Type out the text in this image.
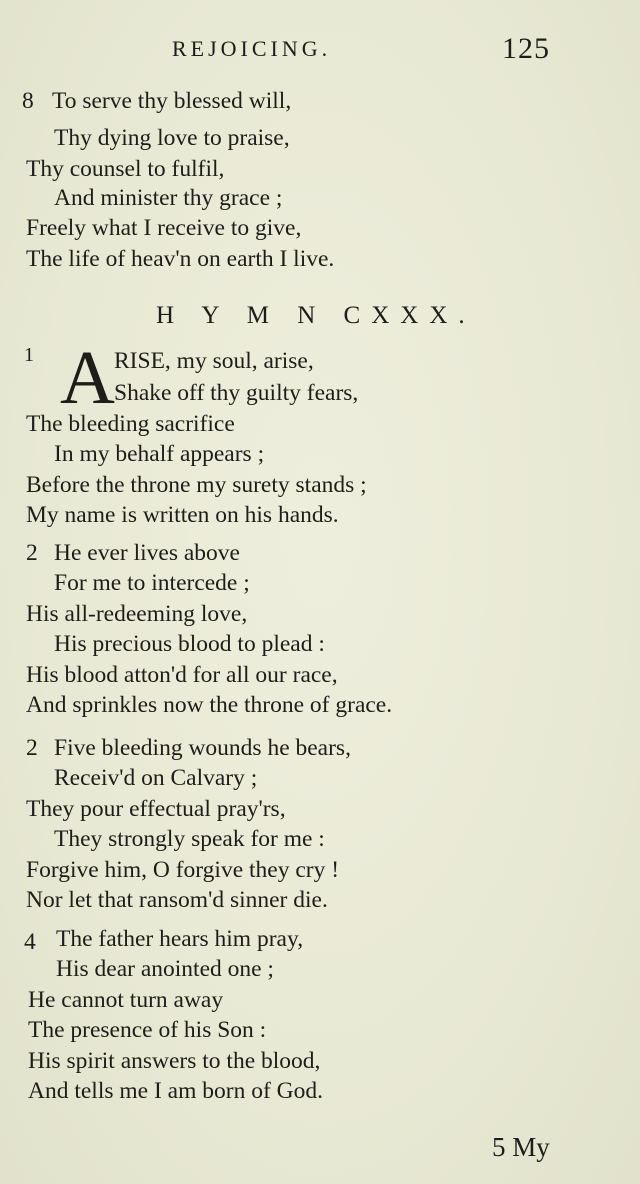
REJOICING.	125
8 To serve thy blessed will,
Thy dying love to praise,
Thy counsel to fulfil,
And minister thy grace ;
Freely what I receive to give,
The life of heav'n on earth I live.
H Y M N CXXX.
1 A RISE, my soul, arise,
Shake off thy guilty fears,
The bleeding sacrifice
In my behalf appears ;
Before the throne my surety stands ;
My name is written on his hands.
2 He ever lives above
For me to intercede ;
His all-redeeming love,
His precious blood to plead :
His blood atton'd for all our race,
And sprinkles now the throne of grace.
2 Five bleeding wounds he bears,
Receiv'd on Calvary ;
They pour effectual pray'rs,
They strongly speak for me :
Forgive him, O forgive they cry !
Nor let that ransom'd sinner die.
4 The father hears him pray,
His dear anointed one ;
He cannot turn away
The presence of his Son :
His spirit answers to the blood,
And tells me I am born of God.
5 My
